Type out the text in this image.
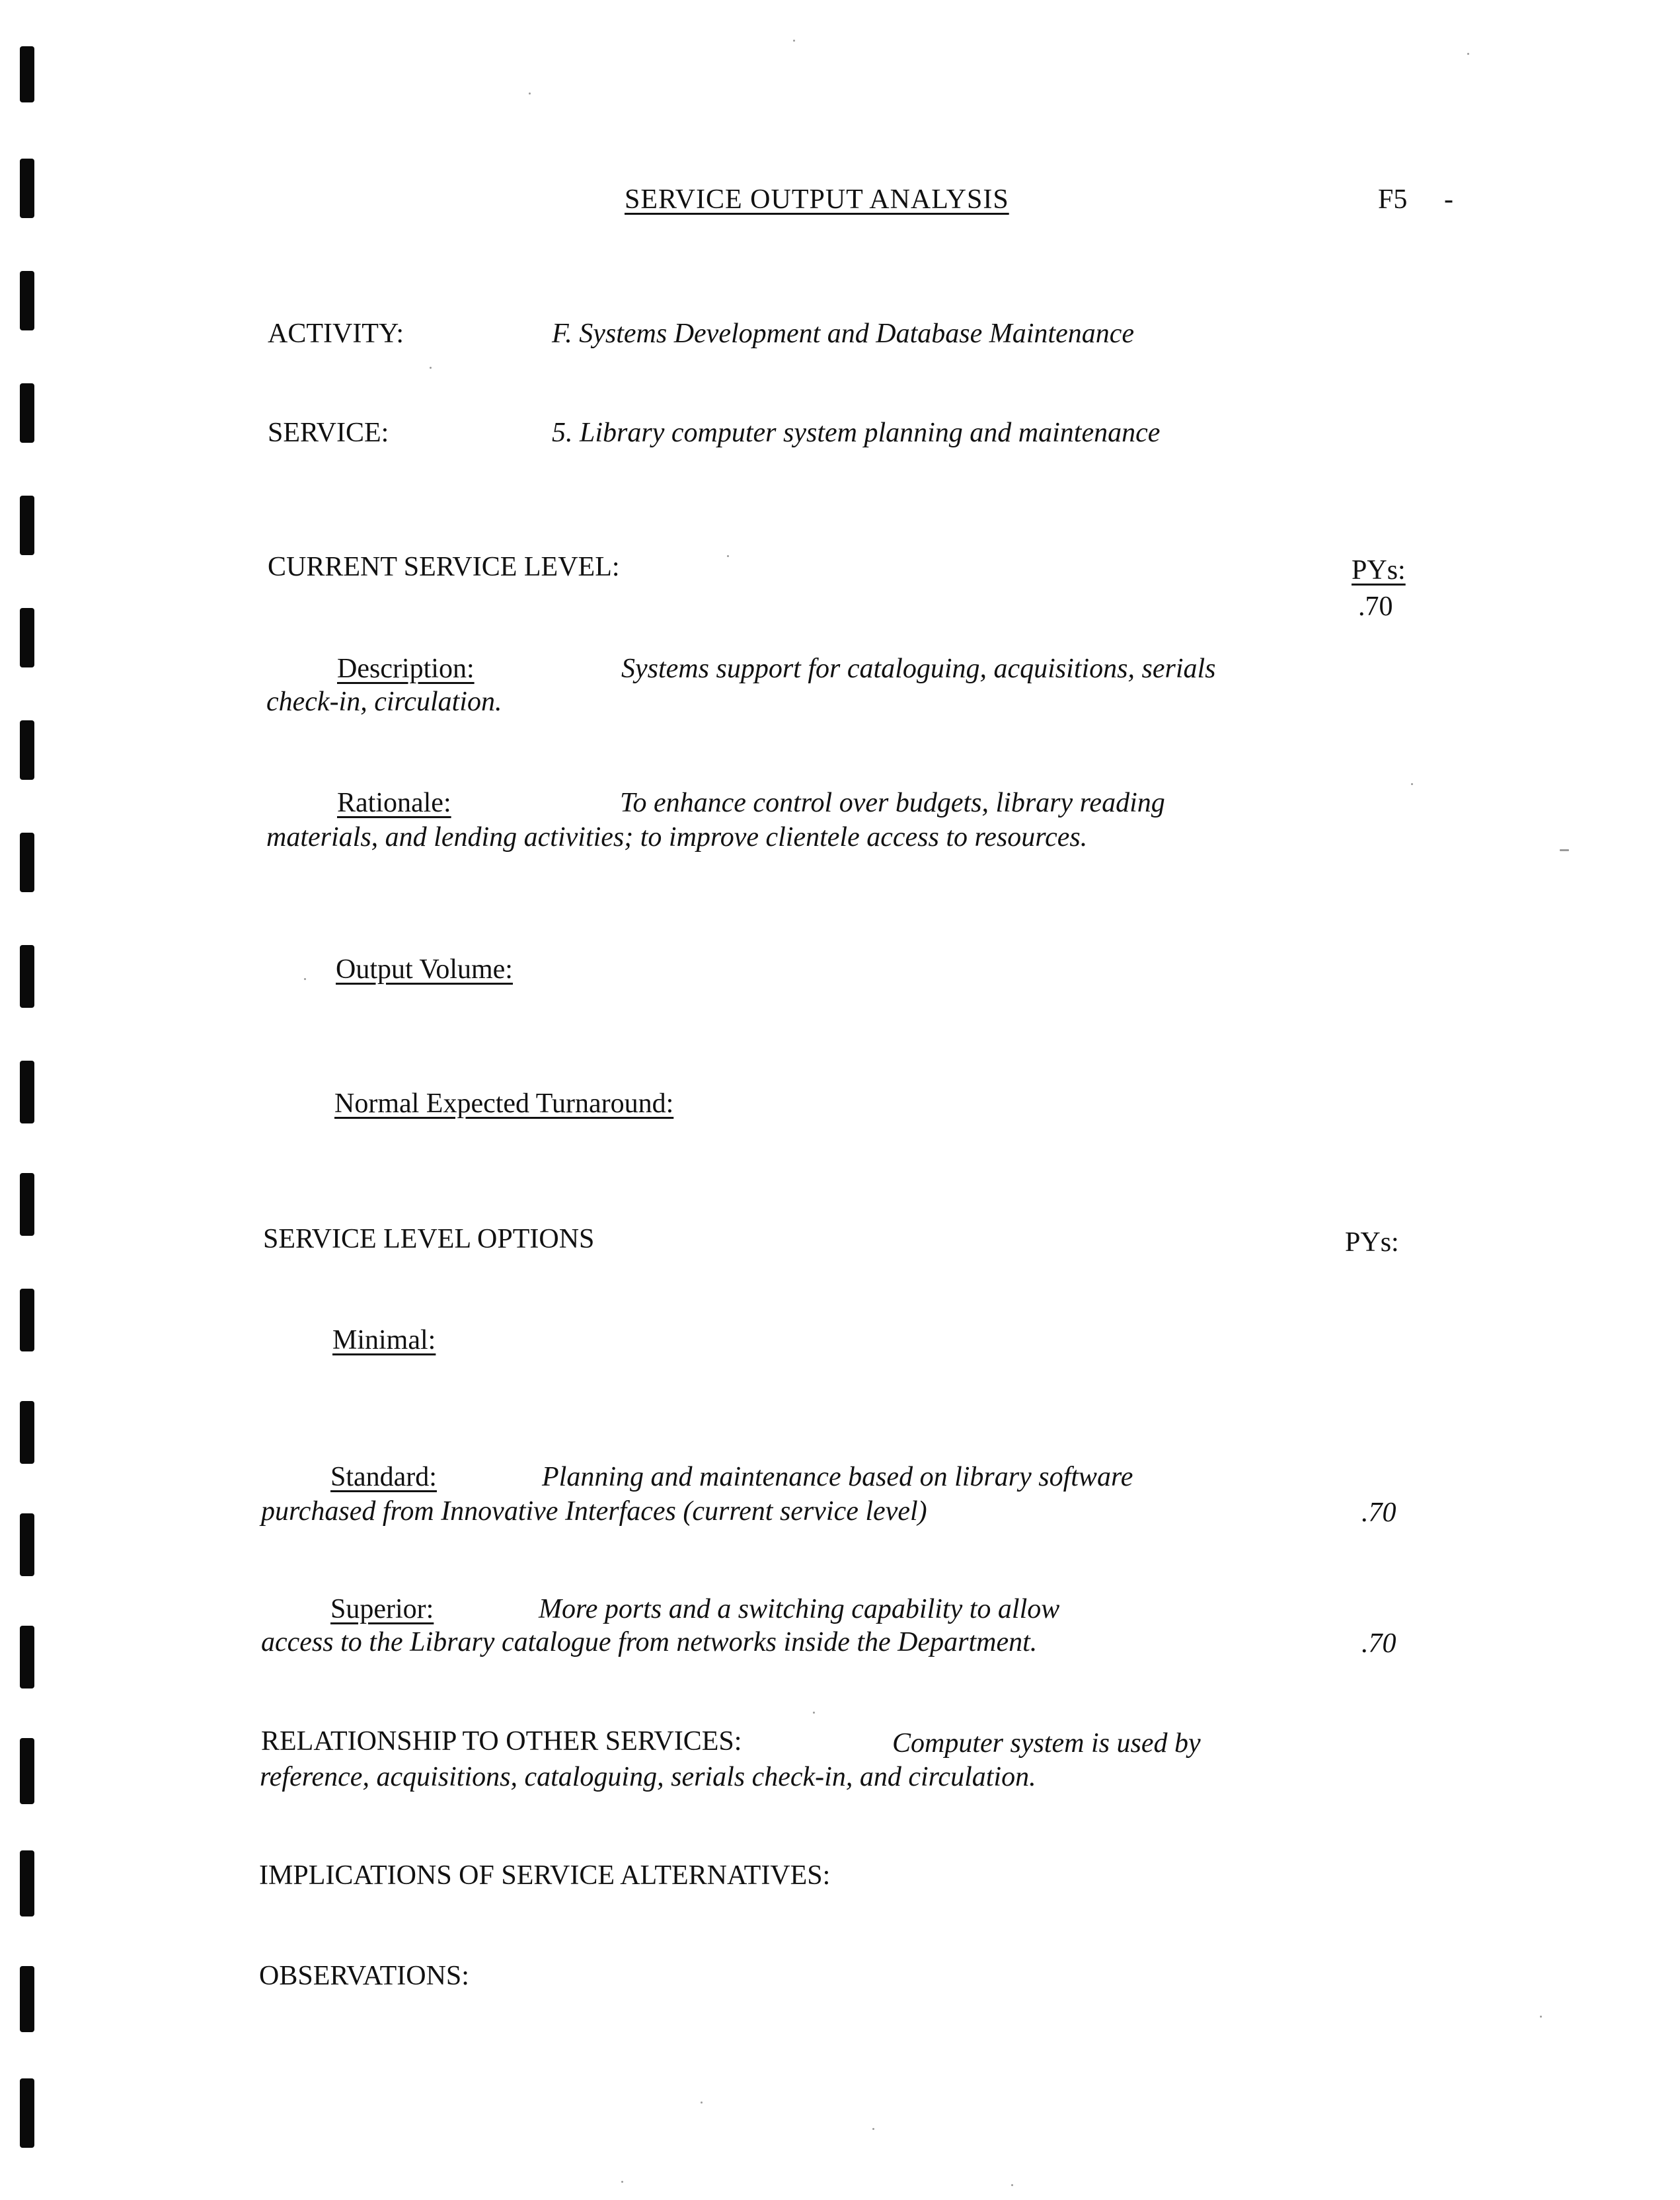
SERVICE OUTPUT ANALYSIS	F5 -
ACTIVITY:	F. Systems Development and Database Maintenance
SERVICE:	5. Library computer system planning and maintenance
CURRENT SERVICE LEVEL:	PYs:
.70
Description:	Systems support for cataloguing, acquisitions, serials
check-in, circulation.
Rationale:	To enhance control over budgets, library reading
materials, and lending activities; to improve clientele access to resources.
Output Volume:
Normal Expected Turnaround:
SERVICE LEVEL OPTIONS	PYs:
Minimal:
Standard:	Planning and maintenance based on library software
purchased from Innovative Interfaces (current service level)	.70
Superior:	More ports and a switching capability to allow
access to the Library catalogue from networks inside the Department.	.70
RELATIONSHIP TO OTHER SERVICES:	Computer system is used by
reference, acquisitions, cataloguing, serials check-in, and circulation.
IMPLICATIONS OF SERVICE ALTERNATIVES:
OBSERVATIONS:
